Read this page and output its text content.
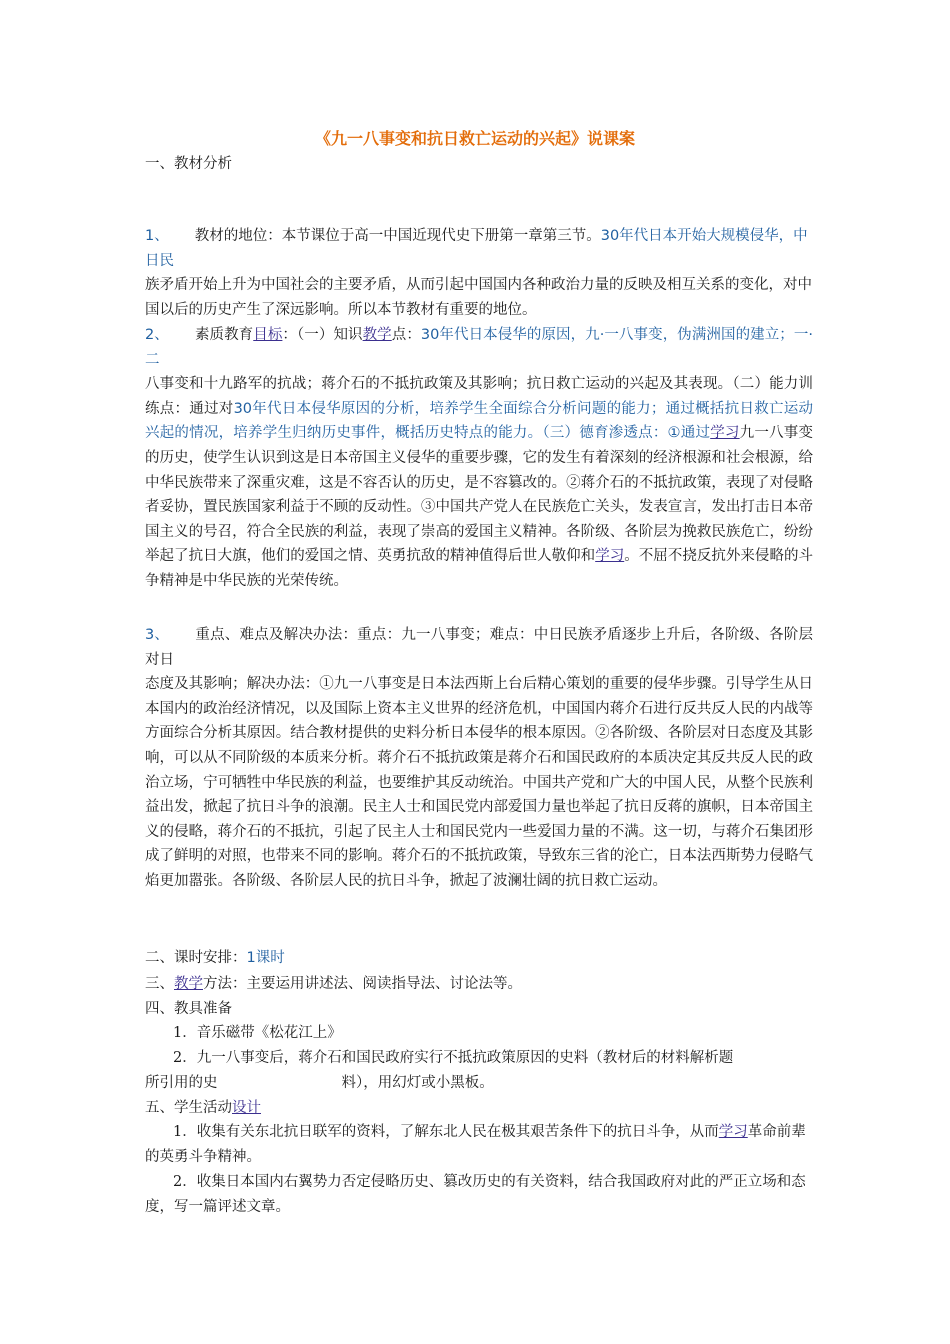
《九一八事变和抗日救亡运动的兴起》说课案
一、教材分析
1、 教材的地位：本节课位于高一中国近现代史下册第一章第三节。30年代日本开始大规模侵华，中日民
族矛盾开始上升为中国社会的主要矛盾，从而引起中国国内各种政治力量的反映及相互关系的变化，对中国以后的历史产生了深远影响。所以本节教材有重要的地位。
2、 素质教育目标：（一）知识教学点：30年代日本侵华的原因，九·一八事变，伪满洲国的建立；一·二
八事变和十九路军的抗战；蒋介石的不抵抗政策及其影响；抗日救亡运动的兴起及其表现。（二）能力训练点：通过对30年代日本侵华原因的分析，培养学生全面综合分析问题的能力；通过概括抗日救亡运动兴起的情况，培养学生归纳历史事件，概括历史特点的能力。（三）德育渗透点：①通过学习九一八事变的历史，使学生认识到这是日本帝国主义侵华的重要步骤，它的发生有着深刻的经济根源和社会根源，给中华民族带来了深重灾难，这是不容否认的历史，是不容篡改的。②蒋介石的不抵抗政策，表现了对侵略者妥协，置民族国家利益于不顾的反动性。③中国共产党人在民族危亡关头，发表宣言，发出打击日本帝国主义的号召，符合全民族的利益，表现了崇高的爱国主义精神。各阶级、各阶层为挽救民族危亡，纷纷举起了抗日大旗，他们的爱国之情、英勇抗敌的精神值得后世人敬仰和学习。不屈不挠反抗外来侵略的斗争精神是中华民族的光荣传统。
3、 重点、难点及解决办法：重点：九一八事变；难点：中日民族矛盾逐步上升后，各阶级、各阶层对日
态度及其影响；解决办法：①九一八事变是日本法西斯上台后精心策划的重要的侵华步骤。引导学生从日本国内的政治经济情况，以及国际上资本主义世界的经济危机，中国国内蒋介石进行反共反人民的内战等方面综合分析其原因。结合教材提供的史料分析日本侵华的根本原因。②各阶级、各阶层对日态度及其影响，可以从不同阶级的本质来分析。蒋介石不抵抗政策是蒋介石和国民政府的本质决定其反共反人民的政治立场，宁可牺牲中华民族的利益，也要维护其反动统治。中国共产党和广大的中国人民，从整个民族利益出发，掀起了抗日斗争的浪潮。民主人士和国民党内部爱国力量也举起了抗日反蒋的旗帜，日本帝国主义的侵略，蒋介石的不抵抗，引起了民主人士和国民党内一些爱国力量的不满。这一切，与蒋介石集团形成了鲜明的对照，也带来不同的影响。蒋介石的不抵抗政策，导致东三省的沦亡，日本法西斯势力侵略气焰更加嚣张。各阶级、各阶层人民的抗日斗争，掀起了波澜壮阔的抗日救亡运动。
二、课时安排：1课时
三、教学方法：主要运用讲述法、阅读指导法、讨论法等。
四、教具准备
1．音乐磁带《松花江上》
2．九一八事变后，蒋介石和国民政府实行不抵抗政策原因的史料（教材后的材料解析题
所引用的史	料），用幻灯或小黑板。
五、学生活动设计
1．收集有关东北抗日联军的资料，了解东北人民在极其艰苦条件下的抗日斗争，从而学习革命前辈的英勇斗争精神。
2．收集日本国内右翼势力否定侵略历史、篡改历史的有关资料，结合我国政府对此的严正立场和态度，写一篇评述文章。
